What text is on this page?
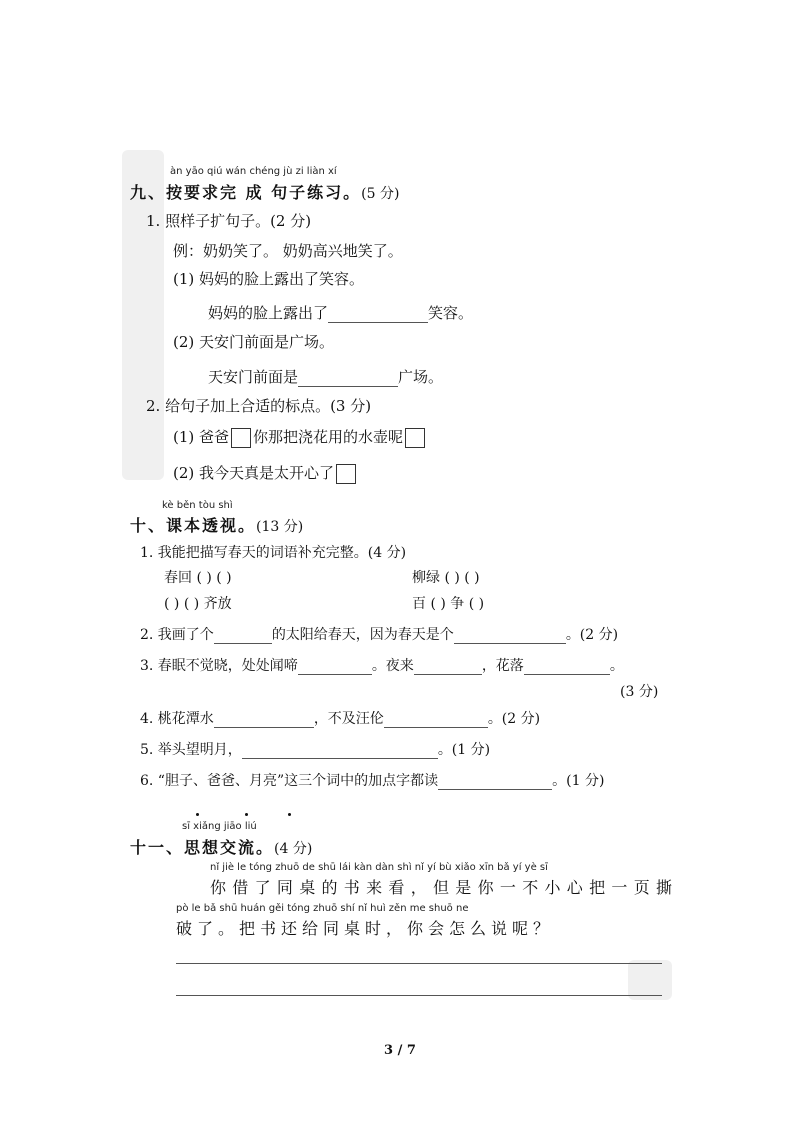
àn yāo qiú wán chéng jù zi liàn xí
九、按要求完 成 句子练习。(5 分)
1. 照样子扩句子。(2 分)
例：奶奶笑了。 奶奶高兴地笑了。
(1) 妈妈的脸上露出了笑容。
妈妈的脸上露出了	笑容。
(2) 天安门前面是广场。
天安门前面是	广场。
2. 给句子加上合适的标点。(3 分)
(1) 爸爸 你那把浇花用的水壶呢
(2) 我今天真是太开心了
kè běn tòu shì
十、课本透视。(13 分)
1. 我能把描写春天的词语补充完整。(4 分)
春回 ( ) ( )	柳绿 ( ) ( )
( ) ( ) 齐放	百 ( ) 争 ( )
2. 我画了个	的太阳给春天，因为春天是个	。(2 分)
3. 春眠不觉晓，处处闻啼	。夜来	，花落	。
(3 分)
4. 桃花潭水	，不及汪伦	。(2 分)
5. 举头望明月，	。(1 分)
6. “胆子、爸爸、月亮”这三个词中的加点字都读	。(1 分)
sī xiǎng jiāo liú
十一、思想交流。(4 分)
nǐ jiè le tóng zhuō de shū lái kàn dàn shì nǐ yí bù xiǎo xīn bǎ yí yè sī
你借了同桌的书来看，但是你一不小心把一页撕
pò le bǎ shū huán gěi tóng zhuō shí nǐ huì zěn me shuō ne
破了。把书还给同桌时，你会怎么说呢？
3 / 7
